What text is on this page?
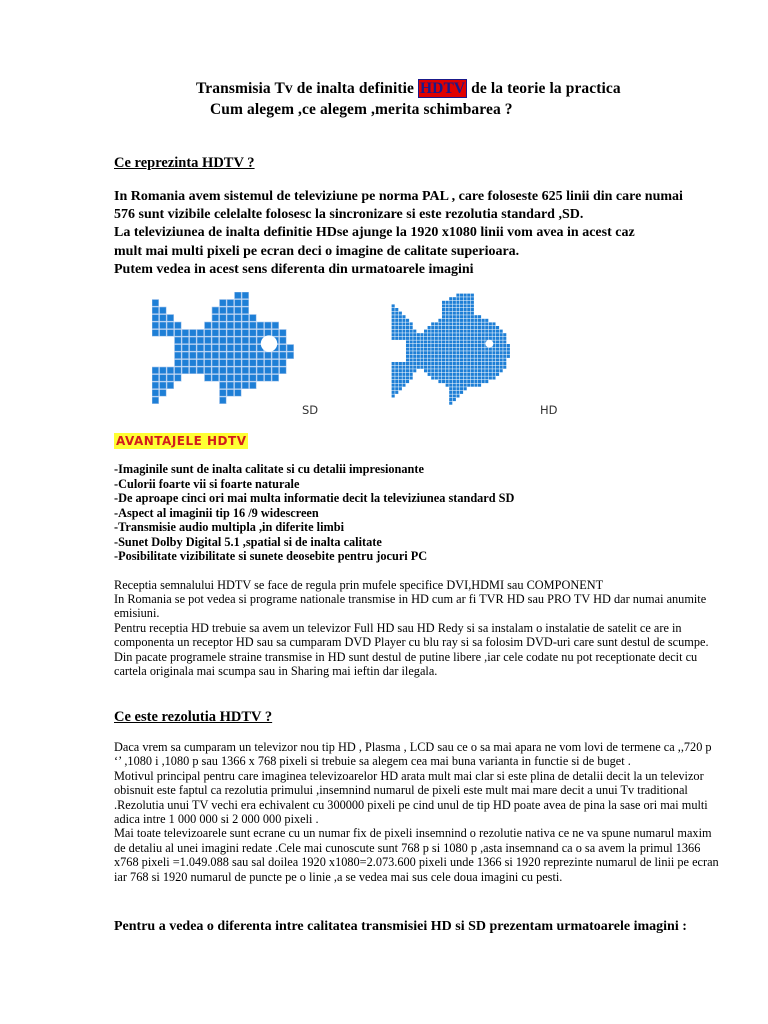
Transmisia Tv de inalta definitie HDTV de la teorie la practica
Cum alegem ,ce alegem ,merita schimbarea ?
Ce reprezinta HDTV ?
In Romania avem sistemul de televiziune pe norma PAL , care foloseste 625 linii din care numai
576 sunt vizibile celelalte folosesc la sincronizare si este rezolutia standard ,SD.
La televiziunea de inalta definitie HDse ajunge la 1920 x1080 linii vom avea in acest caz
mult mai multi pixeli pe ecran deci o imagine de calitate superioara.
Putem vedea in acest sens diferenta din urmatoarele imagini
SD	HD
AVANTAJELE HDTV
-Imaginile sunt de inalta calitate si cu detalii impresionante
-Culorii foarte vii si foarte naturale
-De aproape cinci ori mai multa informatie decit la televiziunea standard SD
-Aspect al imaginii tip 16 /9 widescreen
-Transmisie audio multipla ,in diferite limbi
-Sunet Dolby Digital 5.1 ,spatial si de inalta calitate
-Posibilitate vizibilitate si sunete deosebite pentru jocuri PC
Receptia semnalului HDTV se face de regula prin mufele specifice DVI,HDMI sau COMPONENT
In Romania se pot vedea si programe nationale transmise in HD cum ar fi TVR HD sau PRO TV HD dar numai anumite
emisiuni.
Pentru receptia HD trebuie sa avem un televizor Full HD sau HD Redy si sa instalam o instalatie de satelit ce are in
componenta un receptor HD sau sa cumparam DVD Player cu blu ray si sa folosim DVD-uri care sunt destul de scumpe.
Din pacate programele straine transmise in HD sunt destul de putine libere ,iar cele codate nu pot receptionate decit cu
cartela originala mai scumpa sau in Sharing mai ieftin dar ilegala.
Ce este rezolutia HDTV ?
Daca vrem sa cumparam un televizor nou tip HD , Plasma , LCD sau ce o sa mai apara ne vom lovi de termene ca ,,720 p
‘’ ,1080 i ,1080 p sau 1366 x 768 pixeli si trebuie sa alegem cea mai buna varianta in functie si de buget .
Motivul principal pentru care imaginea televizoarelor HD arata mult mai clar si este plina de detalii decit la un televizor
obisnuit este faptul ca rezolutia primului ,insemnind numarul de pixeli este mult mai mare decit a unui Tv traditional
.Rezolutia unui TV vechi era echivalent cu 300000 pixeli pe cind unul de tip HD poate avea de pina la sase ori mai multi
adica intre 1 000 000 si 2 000 000 pixeli .
Mai toate televizoarele sunt ecrane cu un numar fix de pixeli insemnind o rezolutie nativa ce ne va spune numarul maxim
de detaliu al unei imagini redate .Cele mai cunoscute sunt 768 p si 1080 p ,asta insemnand ca o sa avem la primul 1366
x768 pixeli =1.049.088 sau sal doilea 1920 x1080=2.073.600 pixeli unde 1366 si 1920 reprezinte numarul de linii pe ecran
iar 768 si 1920 numarul de puncte pe o linie ,a se vedea mai sus cele doua imagini cu pesti.
Pentru a vedea o diferenta intre calitatea transmisiei HD si SD prezentam urmatoarele imagini :
